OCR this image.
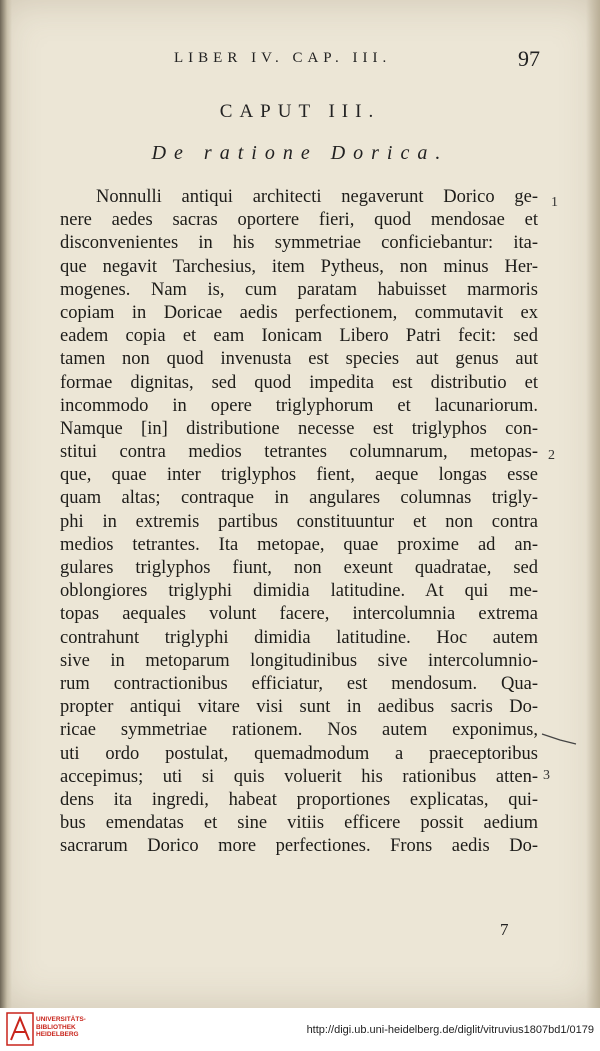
LIBER IV. CAP. III.	97
CAPUT III.
De ratione Dorica.
Nonnulli antiqui architecti negaverunt Dorico ge-
nere aedes sacras oportere fieri, quod mendosae et
disconvenientes in his symmetriae conficiebantur: ita-
que negavit Tarchesius, item Pytheus, non minus Her-
mogenes. Nam is, cum paratam habuisset marmoris
copiam in Doricae aedis perfectionem, commutavit ex
eadem copia et eam Ionicam Libero Patri fecit: sed
tamen non quod invenusta est species aut genus aut
formae dignitas, sed quod impedita est distributio et
incommodo in opere triglyphorum et lacunariorum.
Namque [in] distributione necesse est triglyphos con-
stitui contra medios tetrantes columnarum, metopas-
que, quae inter triglyphos fient, aeque longas esse
quam altas; contraque in angulares columnas trigly-
phi in extremis partibus constituuntur et non contra
medios tetrantes. Ita metopae, quae proxime ad an-
gulares triglyphos fiunt, non exeunt quadratae, sed
oblongiores triglyphi dimidia latitudine. At qui me-
topas aequales volunt facere, intercolumnia extrema
contrahunt triglyphi dimidia latitudine. Hoc autem
sive in metoparum longitudinibus sive intercolumnio-
rum contractionibus efficiatur, est mendosum. Qua-
propter antiqui vitare visi sunt in aedibus sacris Do-
ricae symmetriae rationem. Nos autem exponimus,
uti ordo postulat, quemadmodum a praeceptoribus
accepimus; uti si quis voluerit his rationibus atten-
dens ita ingredi, habeat proportiones explicatas, qui-
bus emendatas et sine vitiis efficere possit aedium
sacrarum Dorico more perfectiones. Frons aedis Do-
1
2
3
7
UNIVERSITÄTS-
BIBLIOTHEK
HEIDELBERG	http://digi.ub.uni-heidelberg.de/diglit/vitruvius1807bd1/0179
